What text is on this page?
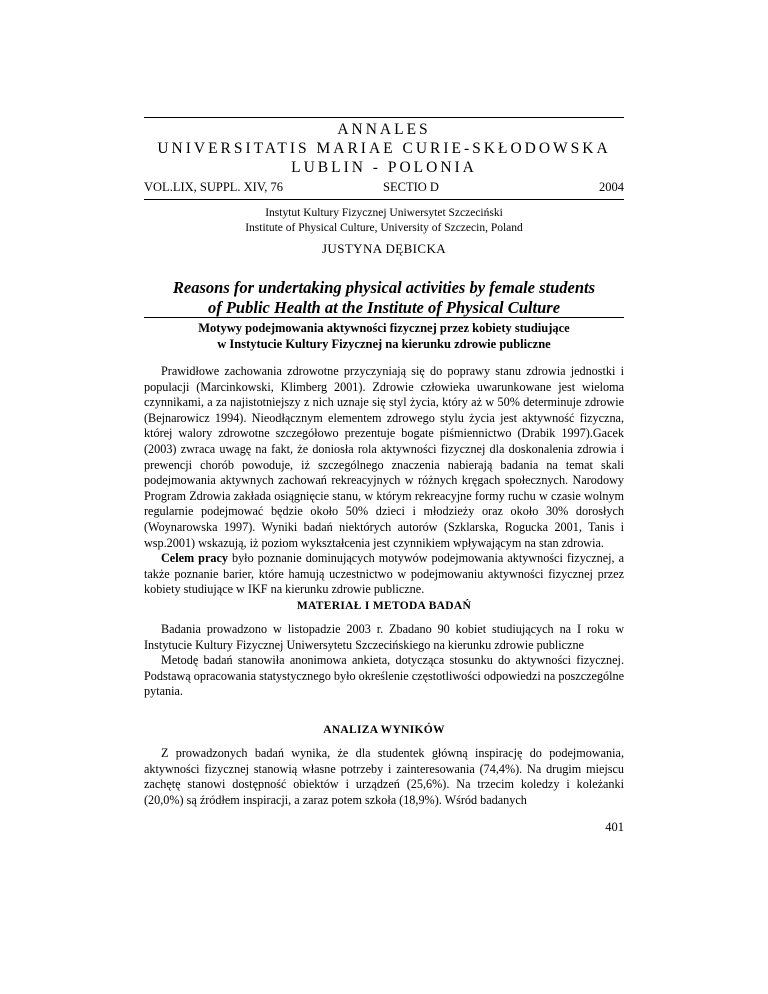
ANNALES
UNIVERSITATIS MARIAE CURIE-SKŁODOWSKA
LUBLIN - POLONIA
VOL.LIX, SUPPL. XIV, 76	SECTIO D	2004
Instytut Kultury Fizycznej Uniwersytet Szczeciński
Institute of Physical Culture, University of Szczecin, Poland
JUSTYNA DĘBICKA
Reasons for undertaking physical activities by female students
of Public Health at the Institute of Physical Culture
Motywy podejmowania aktywności fizycznej przez kobiety studiujące
w Instytucie Kultury Fizycznej na kierunku zdrowie publiczne

Prawidłowe zachowania zdrowotne przyczyniają się do poprawy stanu zdrowia jednostki i populacji (Marcinkowski, Klimberg 2001). Zdrowie człowieka uwarunkowane jest wieloma czynnikami, a za najistotniejszy z nich uznaje się styl życia, który aż w 50% determinuje zdrowie (Bejnarowicz 1994). Nieodłącznym elementem zdrowego stylu życia jest aktywność fizyczna, której walory zdrowotne szczegółowo prezentuje bogate piśmiennictwo (Drabik 1997).Gacek (2003) zwraca uwagę na fakt, że doniosła rola aktywności fizycznej dla doskonalenia zdrowia i prewencji chorób powoduje, iż szczególnego znaczenia nabierają badania na temat skali podejmowania aktywnych zachowań rekreacyjnych w różnych kręgach społecznych. Narodowy Program Zdrowia zakłada osiągnięcie stanu, w którym rekreacyjne formy ruchu w czasie wolnym regularnie podejmować będzie około 50% dzieci i młodzieży oraz około 30% dorosłych (Woynarowska 1997). Wyniki badań niektórych autorów (Szklarska, Rogucka 2001, Tanis i wsp.2001) wskazują, iż poziom wykształcenia jest czynnikiem wpływającym na stan zdrowia.

Celem pracy było poznanie dominujących motywów podejmowania aktywności fizycznej, a także poznanie barier, które hamują uczestnictwo w podejmowaniu aktywności fizycznej przez kobiety studiujące w IKF na kierunku zdrowie publiczne.

MATERIAŁ I METODA BADAŃ

Badania prowadzono w listopadzie 2003 r. Zbadano 90 kobiet studiujących na I roku w Instytucie Kultury Fizycznej Uniwersytetu Szczecińskiego na kierunku zdrowie publiczne

Metodę badań stanowiła anonimowa ankieta, dotycząca stosunku do aktywności fizycznej. Podstawą opracowania statystycznego było określenie częstotliwości odpowiedzi na poszczególne pytania.

ANALIZA WYNIKÓW

Z prowadzonych badań wynika, że dla studentek główną inspirację do podejmowania, aktywności fizycznej stanowią własne potrzeby i zainteresowania (74,4%). Na drugim miejscu zachętę stanowi dostępność obiektów i urządzeń (25,6%). Na trzecim koledzy i koleżanki (20,0%) są źródłem inspiracji, a zaraz potem szkoła (18,9%). Wśród badanych

401
